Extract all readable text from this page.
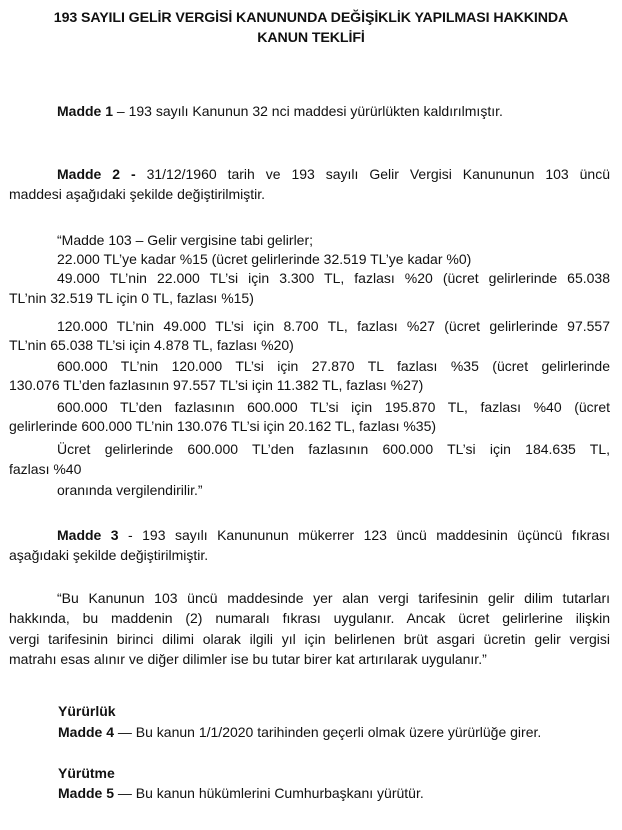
193 SAYILI GELİR VERGİSİ KANUNUNDA DEĞİŞİKLİK YAPILMASI HAKKINDA
KANUN TEKLİFİ
Madde 1 – 193 sayılı Kanunun 32 nci maddesi yürürlükten kaldırılmıştır.
Madde 2 - 31/12/1960 tarih ve 193 sayılı Gelir Vergisi Kanununun 103 üncü
maddesi aşağıdaki şekilde değiştirilmiştir.
“Madde 103 – Gelir vergisine tabi gelirler;
22.000 TL’ye kadar %15 (ücret gelirlerinde 32.519 TL’ye kadar %0)
49.000 TL’nin 22.000 TL’si için 3.300 TL, fazlası %20 (ücret gelirlerinde 65.038
TL’nin 32.519 TL için 0 TL, fazlası %15)
120.000 TL’nin 49.000 TL’si için 8.700 TL, fazlası %27 (ücret gelirlerinde 97.557
TL’nin 65.038 TL’si için 4.878 TL, fazlası %20)
600.000 TL’nin 120.000 TL’si için 27.870 TL fazlası %35 (ücret gelirlerinde
130.076 TL’den fazlasının 97.557 TL’si için 11.382 TL, fazlası %27)
600.000 TL’den fazlasının 600.000 TL’si için 195.870 TL, fazlası %40 (ücret
gelirlerinde 600.000 TL’nin 130.076 TL’si için 20.162 TL, fazlası %35)
Ücret gelirlerinde 600.000 TL’den fazlasının 600.000 TL’si için 184.635 TL,
fazlası %40
oranında vergilendirilir.”
Madde 3 - 193 sayılı Kanununun mükerrer 123 üncü maddesinin üçüncü fıkrası
aşağıdaki şekilde değiştirilmiştir.
“Bu Kanunun 103 üncü maddesinde yer alan vergi tarifesinin gelir dilim tutarları
hakkında, bu maddenin (2) numaralı fıkrası uygulanır. Ancak ücret gelirlerine ilişkin
vergi tarifesinin birinci dilimi olarak ilgili yıl için belirlenen brüt asgari ücretin gelir vergisi
matrahı esas alınır ve diğer dilimler ise bu tutar birer kat artırılarak uygulanır.”
Yürürlük
Madde 4 — Bu kanun 1/1/2020 tarihinden geçerli olmak üzere yürürlüğe girer.
Yürütme
Madde 5 — Bu kanun hükümlerini Cumhurbaşkanı yürütür.
